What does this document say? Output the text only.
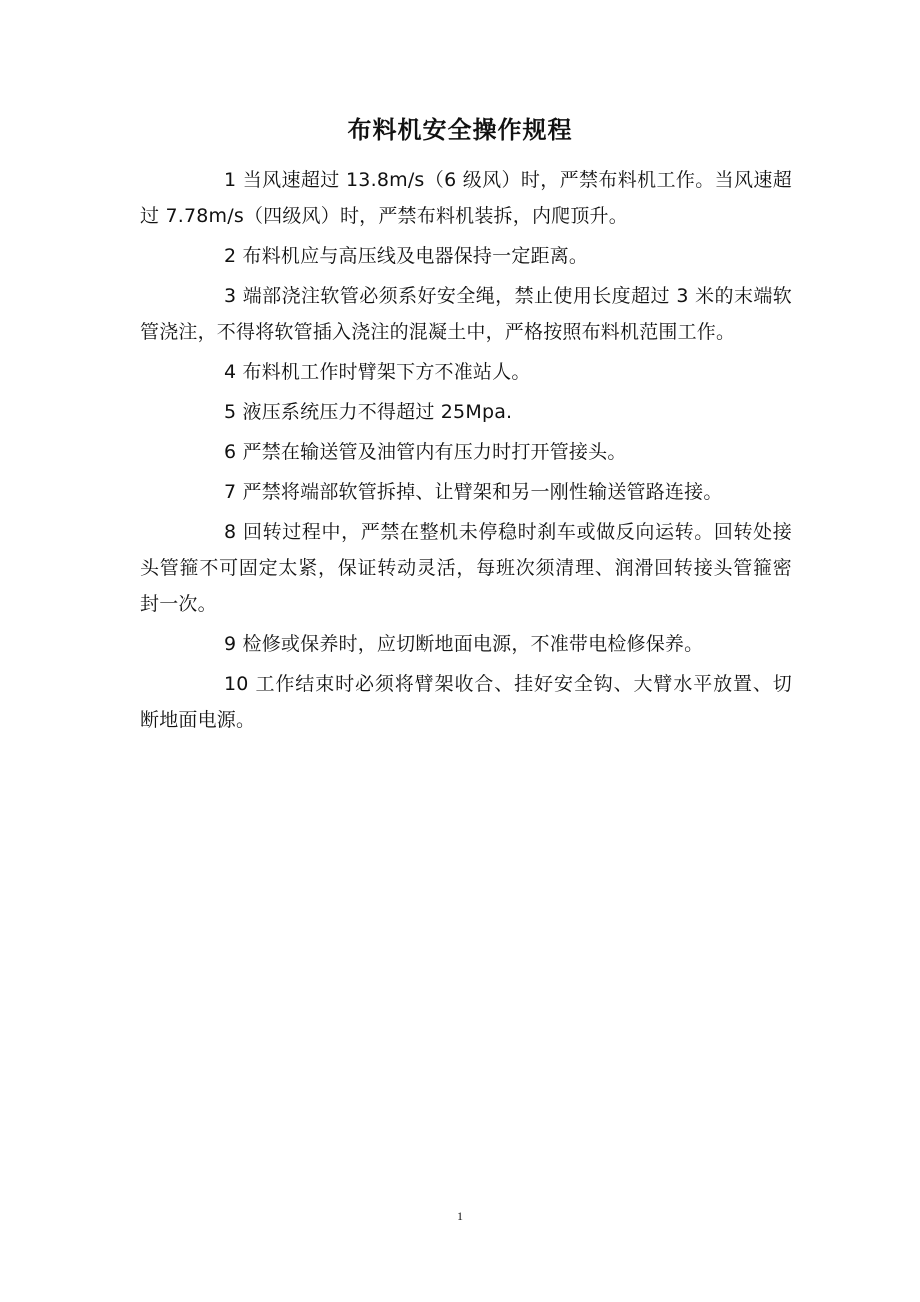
布料机安全操作规程

1 当风速超过 13.8m/s（6 级风）时，严禁布料机工作。当风速超过 7.78m/s（四级风）时，严禁布料机装拆，内爬顶升。

2 布料机应与高压线及电器保持一定距离。

3 端部浇注软管必须系好安全绳，禁止使用长度超过 3 米的末端软管浇注，不得将软管插入浇注的混凝土中，严格按照布料机范围工作。

4 布料机工作时臂架下方不准站人。

5 液压系统压力不得超过 25Mpa.

6 严禁在输送管及油管内有压力时打开管接头。

7 严禁将端部软管拆掉、让臂架和另一刚性输送管路连接。

8 回转过程中，严禁在整机未停稳时刹车或做反向运转。回转处接头管箍不可固定太紧，保证转动灵活，每班次须清理、润滑回转接头管箍密封一次。

9 检修或保养时，应切断地面电源，不准带电检修保养。

10 工作结束时必须将臂架收合、挂好安全钩、大臂水平放置、切断地面电源。

1
